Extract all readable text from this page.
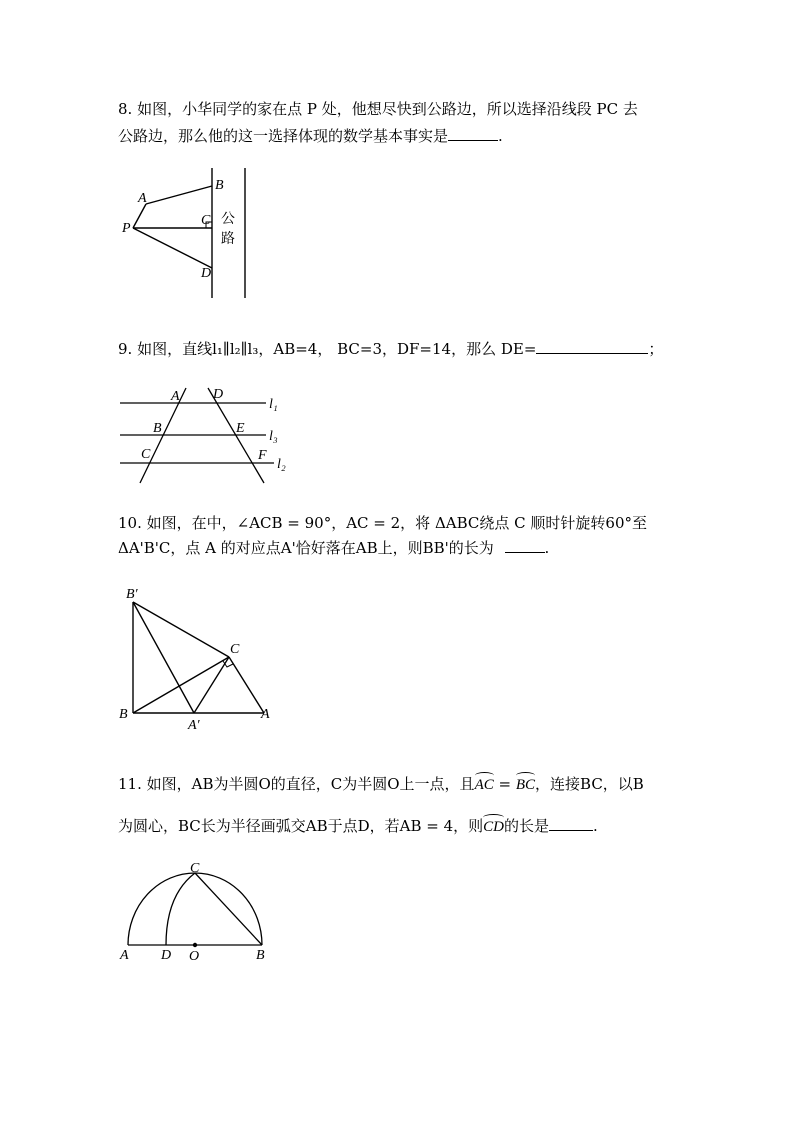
8. 如图，小华同学的家在点 P 处，他想尽快到公路边，所以选择沿线段 PC 去
公路边，那么他的这一选择体现的数学基本事实是	.
A
B
C
D
P
公
路
A D
B	E
C	F
l₁
l₃
l₂
B′
C
B
A′
A
C
A D O	B
9. 如图，直线l₁∥l₂∥l₃，AB=4， BC=3，DF=14，那么 DE=	；
10. 如图，在中，∠ACB = 90°，AC = 2，将 ΔABC绕点 C 顺时针旋转60°至
ΔA'B'C，点 A 的对应点A'恰好落在AB上，则BB'的长为	.
11. 如图，AB为半圆O的直径，C为半圆O上一点，且AC = BC，连接BC，以B
为圆心，BC长为半径画弧交AB于点D，若AB = 4，则CD的长是	.
